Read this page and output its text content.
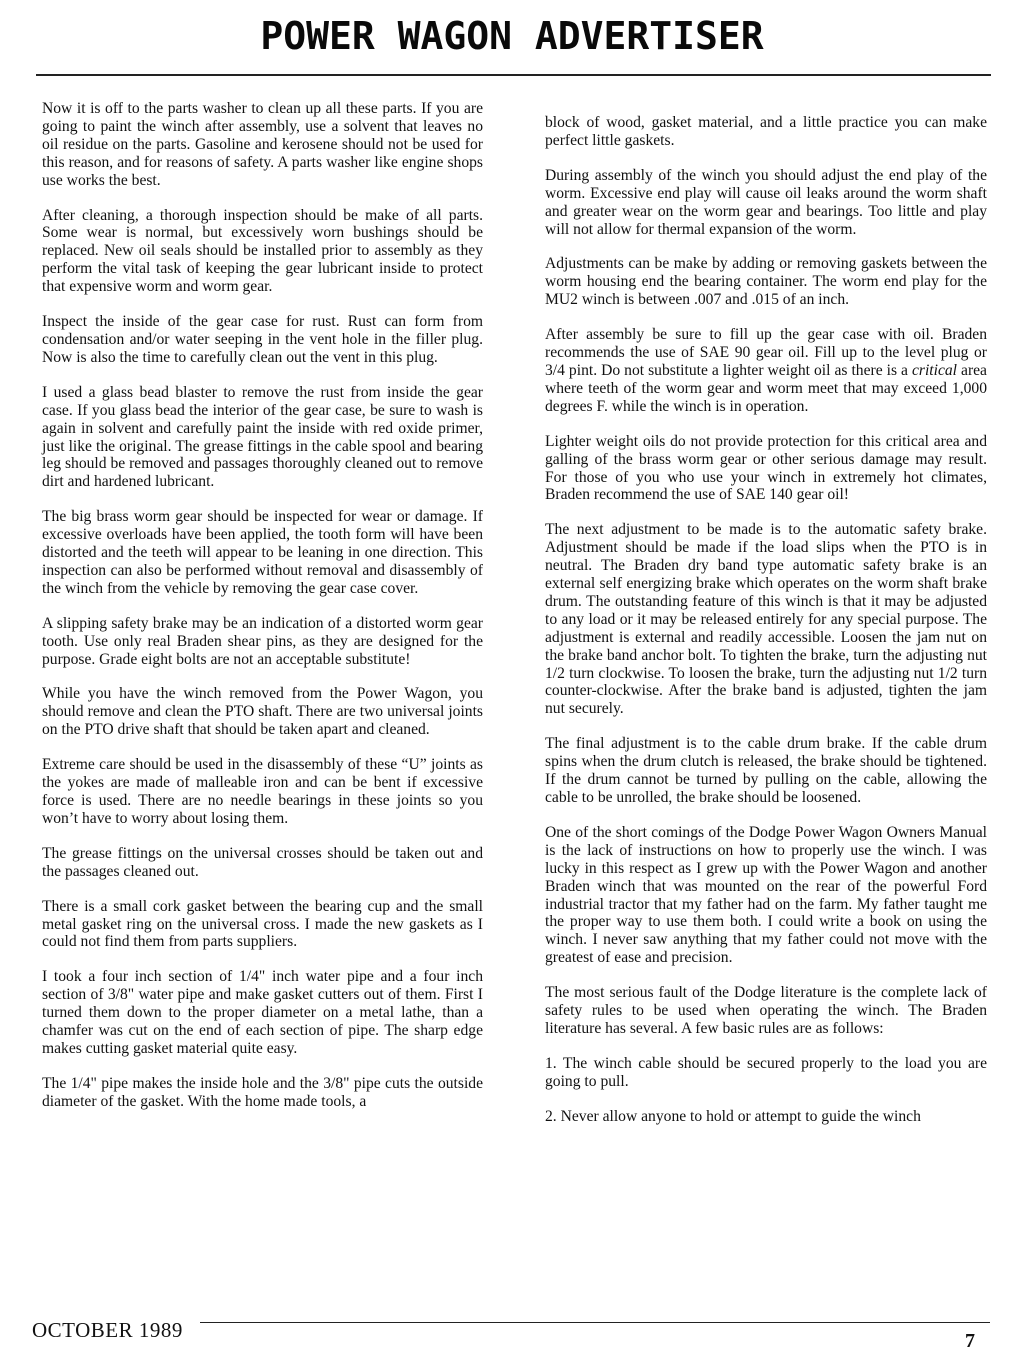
POWER WAGON ADVERTISER

Now it is off to the parts washer to clean up all these parts. If you are going to paint the winch after assembly, use a solvent that leaves no oil residue on the parts. Gasoline and kerosene should not be used for this reason, and for reasons of safety. A parts washer like engine shops use works the best.

After cleaning, a thorough inspection should be make of all parts. Some wear is normal, but excessively worn bushings should be replaced. New oil seals should be installed prior to assembly as they perform the vital task of keeping the gear lubricant inside to protect that expensive worm and worm gear.

Inspect the inside of the gear case for rust. Rust can form from condensation and/or water seeping in the vent hole in the filler plug. Now is also the time to carefully clean out the vent in this plug.

I used a glass bead blaster to remove the rust from inside the gear case. If you glass bead the interior of the gear case, be sure to wash is again in solvent and carefully paint the inside with red oxide primer, just like the original. The grease fittings in the cable spool and bearing leg should be removed and passages thoroughly cleaned out to remove dirt and hardened lubricant.

The big brass worm gear should be inspected for wear or damage. If excessive overloads have been applied, the tooth form will have been distorted and the teeth will appear to be leaning in one direction. This inspection can also be performed without removal and disassembly of the winch from the vehicle by removing the gear case cover.

A slipping safety brake may be an indication of a distorted worm gear tooth. Use only real Braden shear pins, as they are designed for the purpose. Grade eight bolts are not an acceptable substitute!

While you have the winch removed from the Power Wagon, you should remove and clean the PTO shaft. There are two universal joints on the PTO drive shaft that should be taken apart and cleaned.

Extreme care should be used in the disassembly of these “U” joints as the yokes are made of malleable iron and can be bent if excessive force is used. There are no needle bearings in these joints so you won’t have to worry about losing them.

The grease fittings on the universal crosses should be taken out and the passages cleaned out.

There is a small cork gasket between the bearing cup and the small metal gasket ring on the universal cross. I made the new gaskets as I could not find them from parts suppliers.

I took a four inch section of 1/4" inch water pipe and a four inch section of 3/8" water pipe and make gasket cutters out of them. First I turned them down to the proper diameter on a metal lathe, than a chamfer was cut on the end of each section of pipe. The sharp edge makes cutting gasket material quite easy.

The 1/4" pipe makes the inside hole and the 3/8" pipe cuts the outside diameter of the gasket. With the home made tools, a

block of wood, gasket material, and a little practice you can make perfect little gaskets.

During assembly of the winch you should adjust the end play of the worm. Excessive end play will cause oil leaks around the worm shaft and greater wear on the worm gear and bearings. Too little and play will not allow for thermal expansion of the worm.

Adjustments can be make by adding or removing gaskets between the worm housing end the bearing container. The worm end play for the MU2 winch is between .007 and .015 of an inch.

After assembly be sure to fill up the gear case with oil. Braden recommends the use of SAE 90 gear oil. Fill up to the level plug or 3/4 pint. Do not substitute a lighter weight oil as there is a critical area where teeth of the worm gear and worm meet that may exceed 1,000 degrees F. while the winch is in operation.

Lighter weight oils do not provide protection for this critical area and galling of the brass worm gear or other serious damage may result. For those of you who use your winch in extremely hot climates, Braden recommend the use of SAE 140 gear oil!

The next adjustment to be made is to the automatic safety brake. Adjustment should be made if the load slips when the PTO is in neutral. The Braden dry band type automatic safety brake is an external self energizing brake which operates on the worm shaft brake drum. The outstanding feature of this winch is that it may be adjusted to any load or it may be released entirely for any special purpose. The adjustment is external and readily accessible. Loosen the jam nut on the brake band anchor bolt. To tighten the brake, turn the adjusting nut 1/2 turn clockwise. To loosen the brake, turn the adjusting nut 1/2 turn counter-clockwise. After the brake band is adjusted, tighten the jam nut securely.

The final adjustment is to the cable drum brake. If the cable drum spins when the drum clutch is released, the brake should be tightened. If the drum cannot be turned by pulling on the cable, allowing the cable to be unrolled, the brake should be loosened.

One of the short comings of the Dodge Power Wagon Owners Manual is the lack of instructions on how to properly use the winch. I was lucky in this respect as I grew up with the Power Wagon and another Braden winch that was mounted on the rear of the powerful Ford industrial tractor that my father had on the farm. My father taught me the proper way to use them both. I could write a book on using the winch. I never saw anything that my father could not move with the greatest of ease and precision.

The most serious fault of the Dodge literature is the complete lack of safety rules to be used when operating the winch. The Braden literature has several. A few basic rules are as follows:

1. The winch cable should be secured properly to the load you are going to pull.

2. Never allow anyone to hold or attempt to guide the winch

OCTOBER 1989	7
